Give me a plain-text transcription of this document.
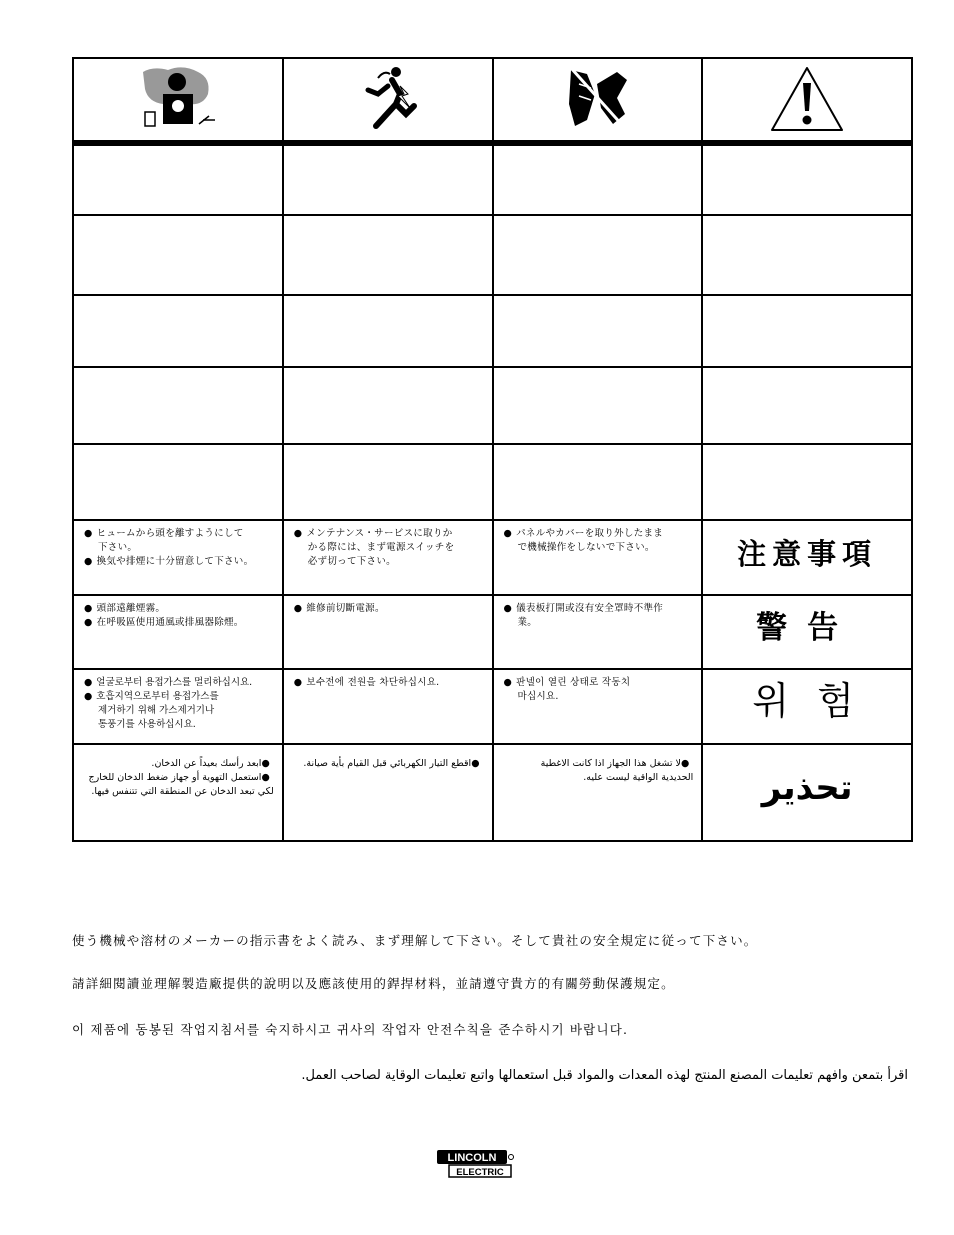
● ヒュームから頭を離すようにして
下さい。
● 換気や排煙に十分留意して下さい。	● メンテナンス・サービスに取りか
かる際には、まず電源スイッチを
必ず切って下さい。	● パネルやカバーを取り外したまま
で機械操作をしないで下さい。	注意事項

● 頭部遠離煙霧。
● 在呼吸區使用通風或排風器除煙。	● 維修前切斷電源。	● 儀表板打開或沒有安全罩時不準作
業。	警告

● 얼굴로부터 용접가스를 멀리하십시요.
● 호흡지역으로부터 용접가스를
제거하기 위해 가스제거기나
통풍기를 사용하십시요.	● 보수전에 전원을 차단하십시요.	● 판넬이 열린 상태로 작동치
마십시요.	위 험

● ابعد رأسك بعيداً عن الدخان.
● استعمل التهوية أو جهاز ضغط الدخان للخارج
لكي تبعد الدخان عن المنطقة التي تتنفس فيها.	● اقطع التيار الكهربائي قبل القيام بأية صيانة.	● لا تشغل هذا الجهاز اذا كانت الاغطية
الحديدية الواقية ليست عليه.	تحذير
使う機械や溶材のメーカーの指示書をよく読み、まず理解して下さい。そして貴社の安全規定に従って下さい。
請詳細閱讀並理解製造廠提供的說明以及應該使用的銲捍材料，並請遵守貴方的有關勞動保護規定。
이 제품에 동봉된 작업지침서를 숙지하시고 귀사의 작업자 안전수칙을 준수하시기 바랍니다.
اقرأ بتمعن وافهم تعليمات المصنع المنتج لهذه المعدات والمواد قبل استعمالها واتبع تعليمات الوقاية لصاحب العمل.
LINCOLN
ELECTRIC
